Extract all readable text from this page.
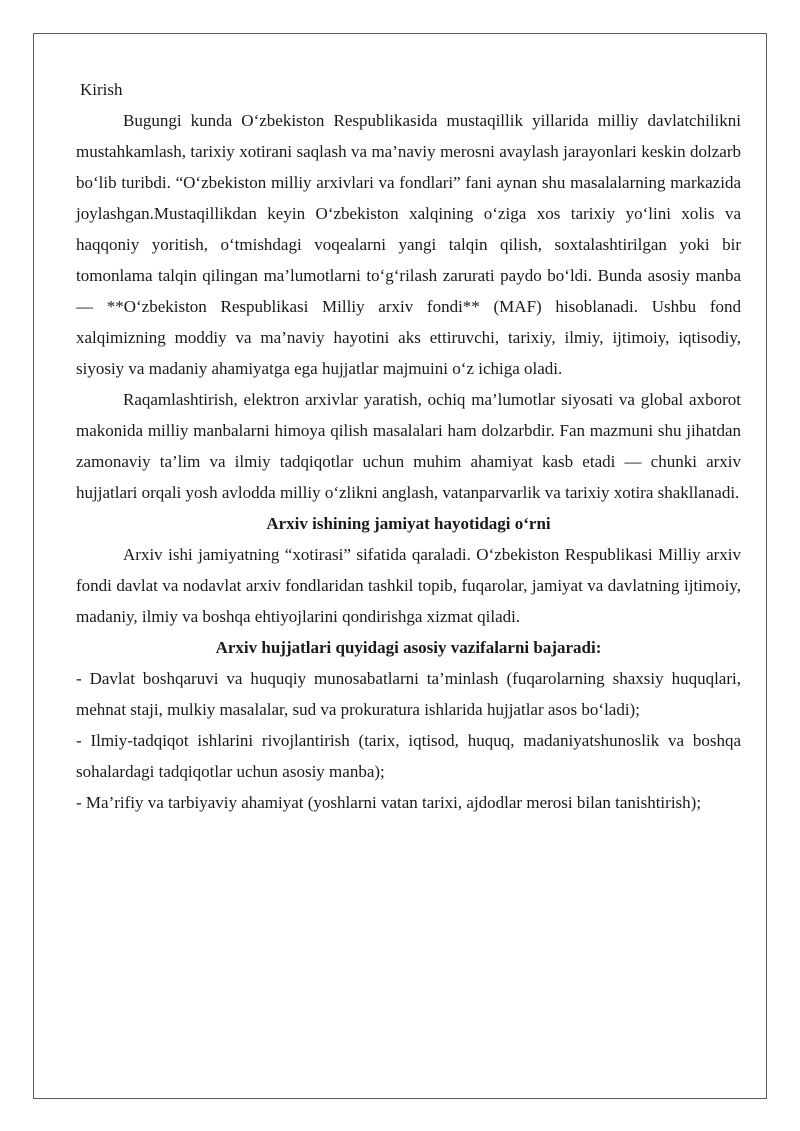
Kirish

Bugungi kunda O‘zbekiston Respublikasida mustaqillik yillarida milliy davlatchilikni mustahkamlash, tarixiy xotirani saqlash va ma’naviy merosni avaylash jarayonlari keskin dolzarb bo‘lib turibdi. “O‘zbekiston milliy arxivlari va fondlari” fani aynan shu masalalarning markazida joylashgan.Mustaqillikdan keyin O‘zbekiston xalqining o‘ziga xos tarixiy yo‘lini xolis va haqqoniy yoritish, o‘tmishdagi voqealarni yangi talqin qilish, soxtalashtirilgan yoki bir tomonlama talqin qilingan ma’lumotlarni to‘g‘rilash zarurati paydo bo‘ldi. Bunda asosiy manba — **O‘zbekiston Respublikasi Milliy arxiv fondi** (MAF) hisoblanadi. Ushbu fond xalqimizning moddiy va ma’naviy hayotini aks ettiruvchi, tarixiy, ilmiy, ijtimoiy, iqtisodiy, siyosiy va madaniy ahamiyatga ega hujjatlar majmuini o‘z ichiga oladi.

Raqamlashtirish, elektron arxivlar yaratish, ochiq ma’lumotlar siyosati va global axborot makonida milliy manbalarni himoya qilish masalalari ham dolzarbdir. Fan mazmuni shu jihatdan zamonaviy ta’lim va ilmiy tadqiqotlar uchun muhim ahamiyat kasb etadi — chunki arxiv hujjatlari orqali yosh avlodda milliy o‘zlikni anglash, vatanparvarlik va tarixiy xotira shakllanadi.

Arxiv ishining jamiyat hayotidagi o‘rni

Arxiv ishi jamiyatning “xotirasi” sifatida qaraladi. O‘zbekiston Respublikasi Milliy arxiv fondi davlat va nodavlat arxiv fondlaridan tashkil topib, fuqarolar, jamiyat va davlatning ijtimoiy, madaniy, ilmiy va boshqa ehtiyojlarini qondirishga xizmat qiladi.

Arxiv hujjatlari quyidagi asosiy vazifalarni bajaradi:

- Davlat boshqaruvi va huquqiy munosabatlarni ta’minlash (fuqarolarning shaxsiy huquqlari, mehnat staji, mulkiy masalalar, sud va prokuratura ishlarida hujjatlar asos bo‘ladi);

- Ilmiy-tadqiqot ishlarini rivojlantirish (tarix, iqtisod, huquq, madaniyatshunoslik va boshqa sohalardagi tadqiqotlar uchun asosiy manba);

- Ma’rifiy va tarbiyaviy ahamiyat (yoshlarni vatan tarixi, ajdodlar merosi bilan tanishtirish);
